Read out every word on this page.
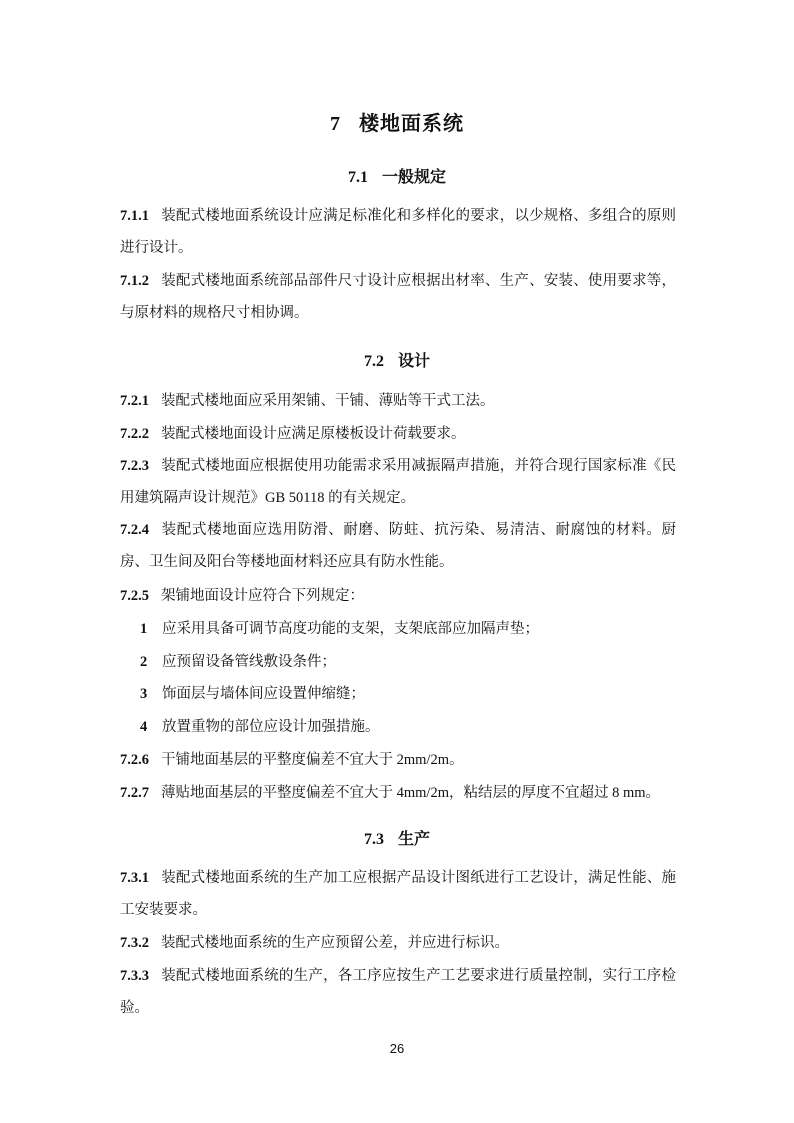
7 楼地面系统
7.1 一般规定
7.1.1 装配式楼地面系统设计应满足标准化和多样化的要求，以少规格、多组合的原则进行设计。
7.1.2 装配式楼地面系统部品部件尺寸设计应根据出材率、生产、安装、使用要求等，与原材料的规格尺寸相协调。
7.2 设计
7.2.1 装配式楼地面应采用架铺、干铺、薄贴等干式工法。
7.2.2 装配式楼地面设计应满足原楼板设计荷载要求。
7.2.3 装配式楼地面应根据使用功能需求采用减振隔声措施，并符合现行国家标准《民用建筑隔声设计规范》GB 50118 的有关规定。
7.2.4 装配式楼地面应选用防滑、耐磨、防蛀、抗污染、易清洁、耐腐蚀的材料。厨房、卫生间及阳台等楼地面材料还应具有防水性能。
7.2.5 架铺地面设计应符合下列规定：
1 应采用具备可调节高度功能的支架，支架底部应加隔声垫；
2 应预留设备管线敷设条件；
3 饰面层与墙体间应设置伸缩缝；
4 放置重物的部位应设计加强措施。
7.2.6 干铺地面基层的平整度偏差不宜大于 2mm/2m。
7.2.7 薄贴地面基层的平整度偏差不宜大于 4mm/2m，粘结层的厚度不宜超过 8 mm。
7.3 生产
7.3.1 装配式楼地面系统的生产加工应根据产品设计图纸进行工艺设计，满足性能、施工安装要求。
7.3.2 装配式楼地面系统的生产应预留公差，并应进行标识。
7.3.3 装配式楼地面系统的生产，各工序应按生产工艺要求进行质量控制，实行工序检验。
26
